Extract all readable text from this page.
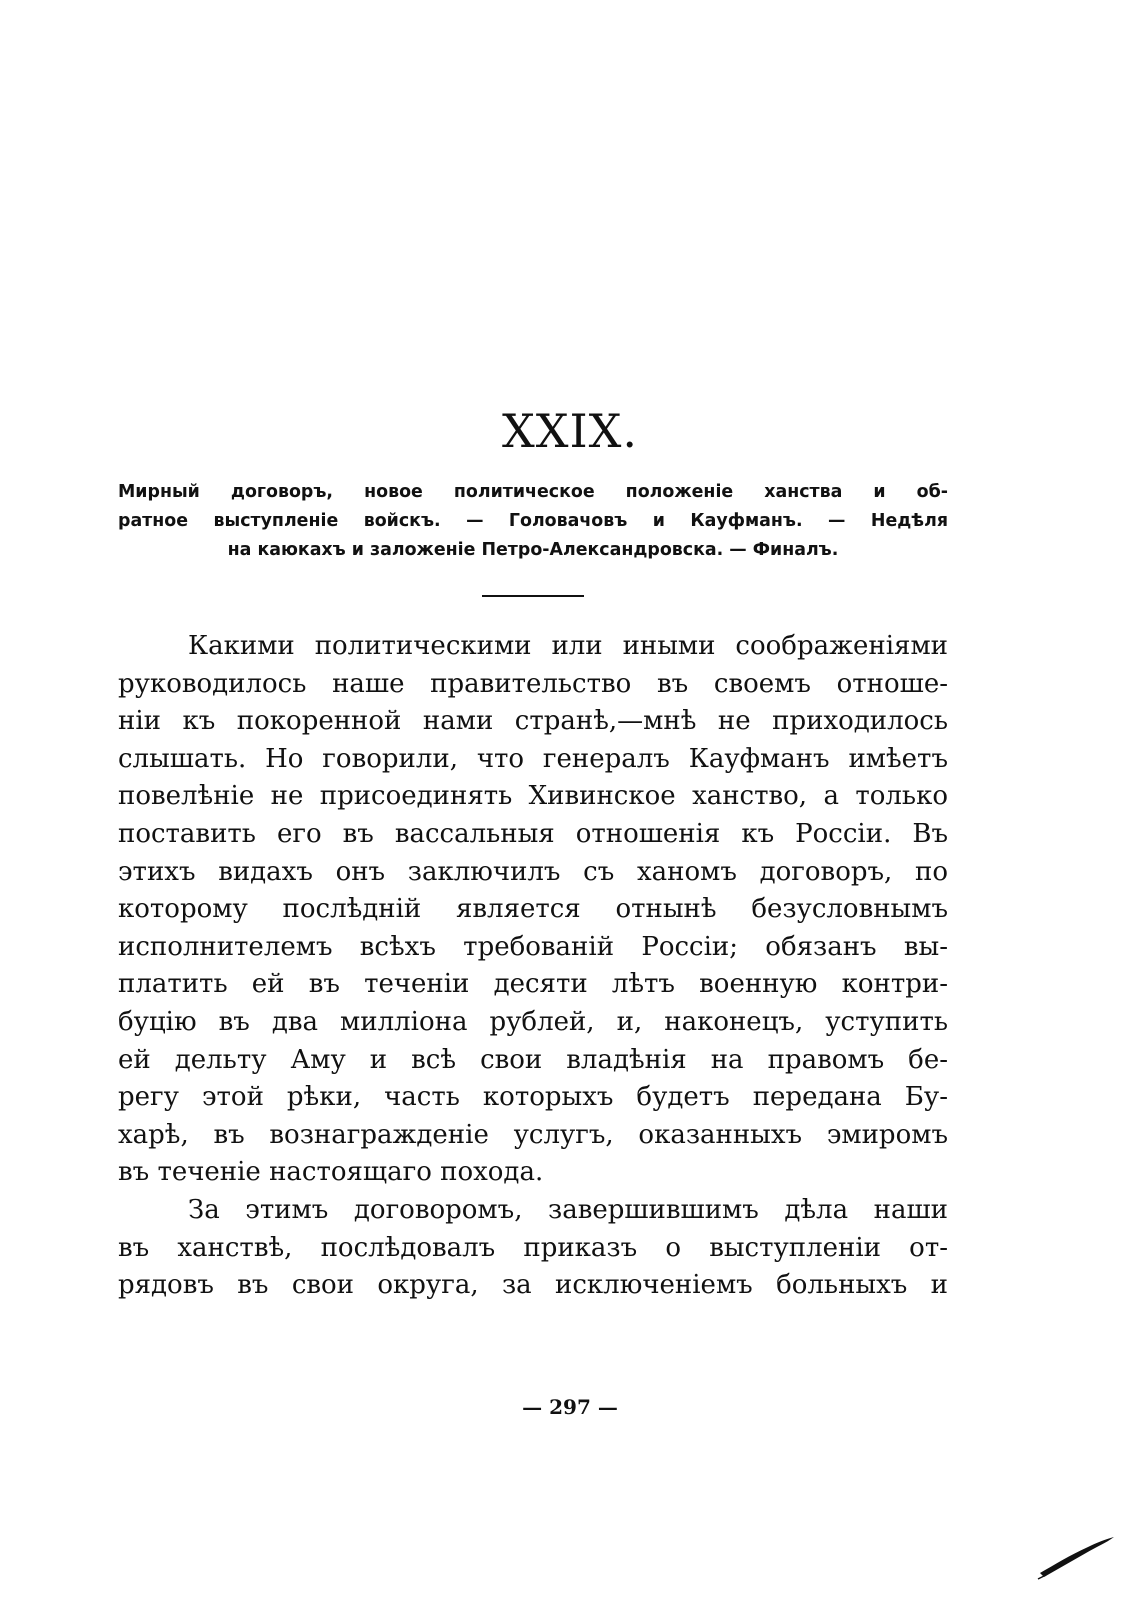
XXIX.
Мирный договоръ, новое политическое положеніе ханства и об-
ратное выступленіе войскъ. — Головачовъ и Кауфманъ. — Недѣля
на каюкахъ и заложеніе Петро-Александровска. — Финалъ.
Какими политическими или иными соображеніями
руководилось наше правительство въ своемъ отноше-
ніи къ покоренной нами странѣ,—мнѣ не приходилось
слышать. Но говорили, что генералъ Кауфманъ имѣетъ
повелѣніе не присоединять Хивинское ханство, а только
поставить его въ вассальныя отношенія къ Россіи. Въ
этихъ видахъ онъ заключилъ съ ханомъ договоръ, по
которому послѣдній является отнынѣ безусловнымъ
исполнителемъ всѣхъ требованій Россіи; обязанъ вы-
платить ей въ теченіи десяти лѣтъ военную контри-
буцію въ два милліона рублей, и, наконецъ, уступить
ей дельту Аму и всѣ свои владѣнія на правомъ бе-
регу этой рѣки, часть которыхъ будетъ передана Бу-
харѣ, въ вознагражденіе услугъ, оказанныхъ эмиромъ
въ теченіе настоящаго похода.
За этимъ договоромъ, завершившимъ дѣла наши
въ ханствѣ, послѣдовалъ приказъ о выступленіи от-
рядовъ въ свои округа, за исключеніемъ больныхъ и
— 297 —
